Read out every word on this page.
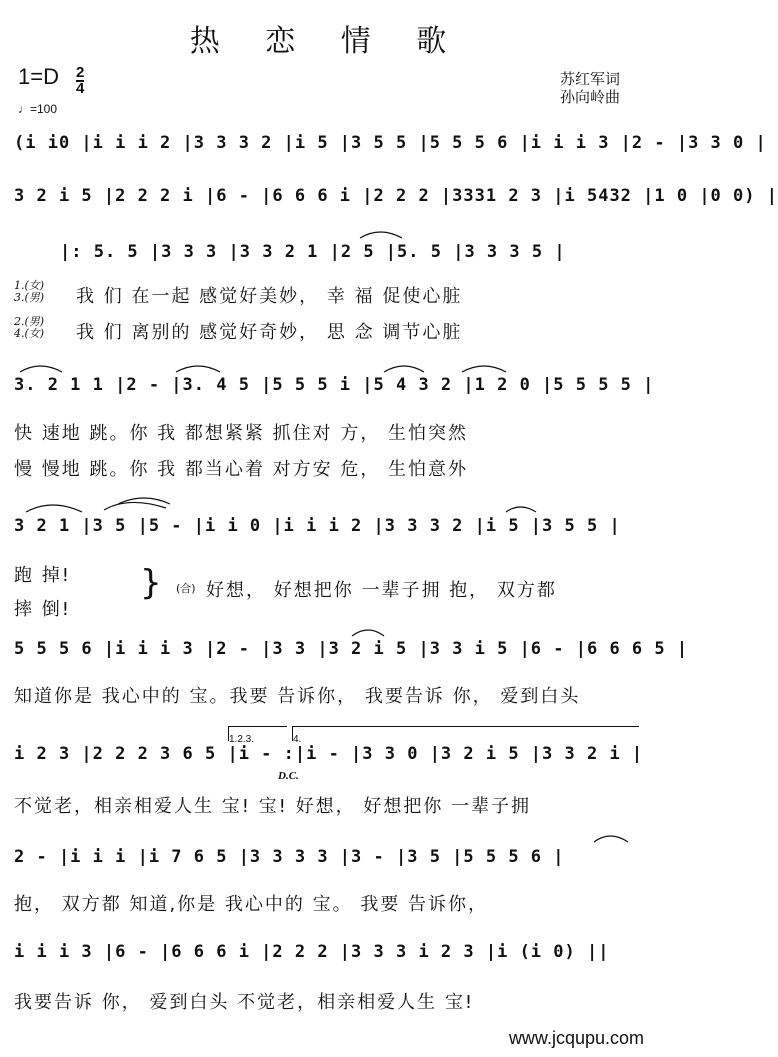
热 恋 情 歌
1=D 2
4
♩=100
苏红军词
孙向岭曲
(i i0 |i i i 2 |3 3 3 2 |i 5 |3 5 5 |5 5 5 6 |i i i 3 |2 - |3 3 0 |
3 2 i 5 |2 2 2 i |6 - |6 6 6 i |2 2 2 |3331 2 3 |i 5432 |1 0 |0 0) |
|: 5. 5 |3 3 3 |3 3 2 1 |2 5 |5. 5 |3 3 3 5 |
3. 2 1 1 |2 - |3. 4 5 |5 5 5 i |5 4 3 2 |1 2 0 |5 5 5 5 |
3 2 1 |3 5 |5 - |i i 0 |i i i 2 |3 3 3 2 |i 5 |3 5 5 |
5 5 5 6 |i i i 3 |2 - |3 3 |3 2 i 5 |3 3 i 5 |6 - |6 6 6 5 |
i 2 3 |2 2 2 3 6 5 |i - :|i - |3 3 0 |3 2 i 5 |3 3 2 i |
2 - |i i i |i 7 6 5 |3 3 3 3 |3 - |3 5 |5 5 5 6 |
i i i 3 |6 - |6 6 6 i |2 2 2 |3 3 3 i 2 3 |i (i 0) ||
1.(女)
3.(男)
2.(男)
4.(女)
我 们 在一起 感觉好美妙， 幸 福 促使心脏
我 们 离别的 感觉好奇妙， 思 念 调节心脏
快 速地 跳。你 我 都想紧紧 抓住对 方， 生怕突然
慢 慢地 跳。你 我 都当心着 对方安 危， 生怕意外
跑 掉!
摔 倒!
} (合) 好想， 好想把你 一辈子拥 抱， 双方都
知道你是 我心中的 宝。我要 告诉你， 我要告诉 你， 爱到白头
不觉老，相亲相爱人生 宝! 宝! 好想， 好想把你 一辈子拥
抱， 双方都 知道,你是 我心中的 宝。 我要 告诉你，
我要告诉 你， 爱到白头 不觉老，相亲相爱人生 宝!
1.2.3.	4.
D.C.
www.jcqupu.com
